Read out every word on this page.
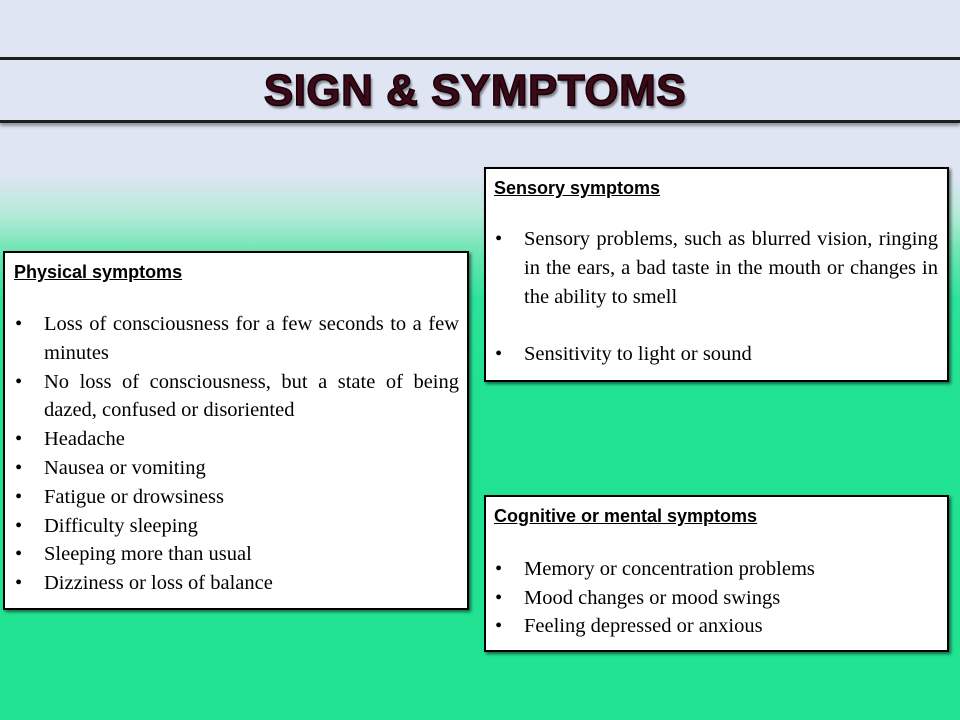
SIGN & SYMPTOMS

Sensory symptoms

• Sensory problems, such as blurred vision, ringing in the ears, a bad taste in the mouth or changes in the ability to smell
• Sensitivity to light or sound

Physical symptoms

• Loss of consciousness for a few seconds to a few minutes
• No loss of consciousness, but a state of being dazed, confused or disoriented
• Headache
• Nausea or vomiting
• Fatigue or drowsiness
• Difficulty sleeping
• Sleeping more than usual
• Dizziness or loss of balance

Cognitive or mental symptoms

• Memory or concentration problems
• Mood changes or mood swings
• Feeling depressed or anxious
